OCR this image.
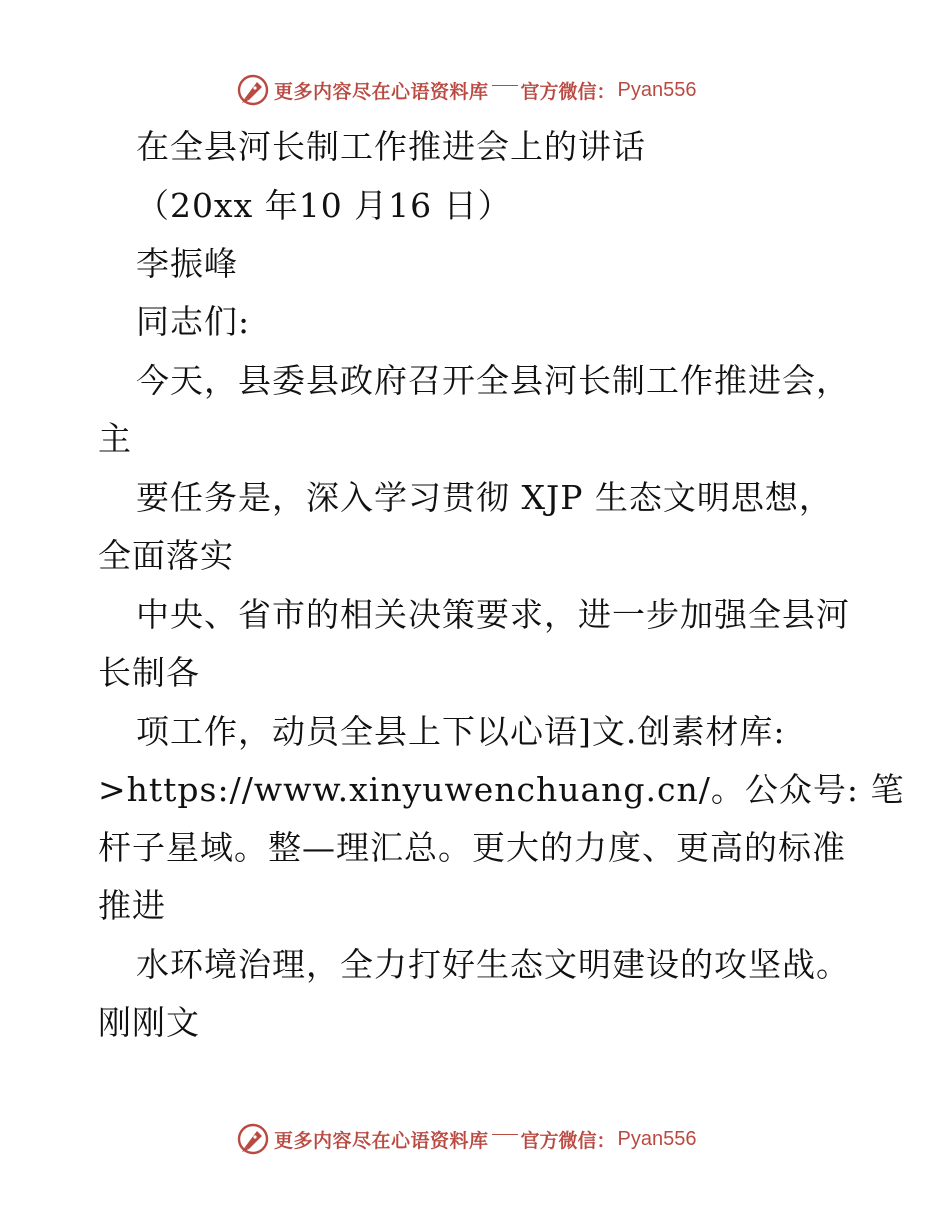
更多内容尽在心语资料库 官方微信： Pyan556
在全县河长制工作推进会上的讲话
（20xx 年10 月16 日）
李振峰
同志们:
今天，县委县政府召开全县河长制工作推进会，
主
要任务是，深入学习贯彻 XJP 生态文明思想，
全面落实
中央、省市的相关决策要求，进一步加强全县河
长制各
项工作，动员全县上下以心语]文.创素材库:
>https://www.xinyuwenchuang.cn/。公众号: 笔
杆子星域。整—理汇总。更大的力度、更高的标准
推进
水环境治理，全力打好生态文明建设的攻坚战。
刚刚文
更多内容尽在心语资料库 官方微信： Pyan556
